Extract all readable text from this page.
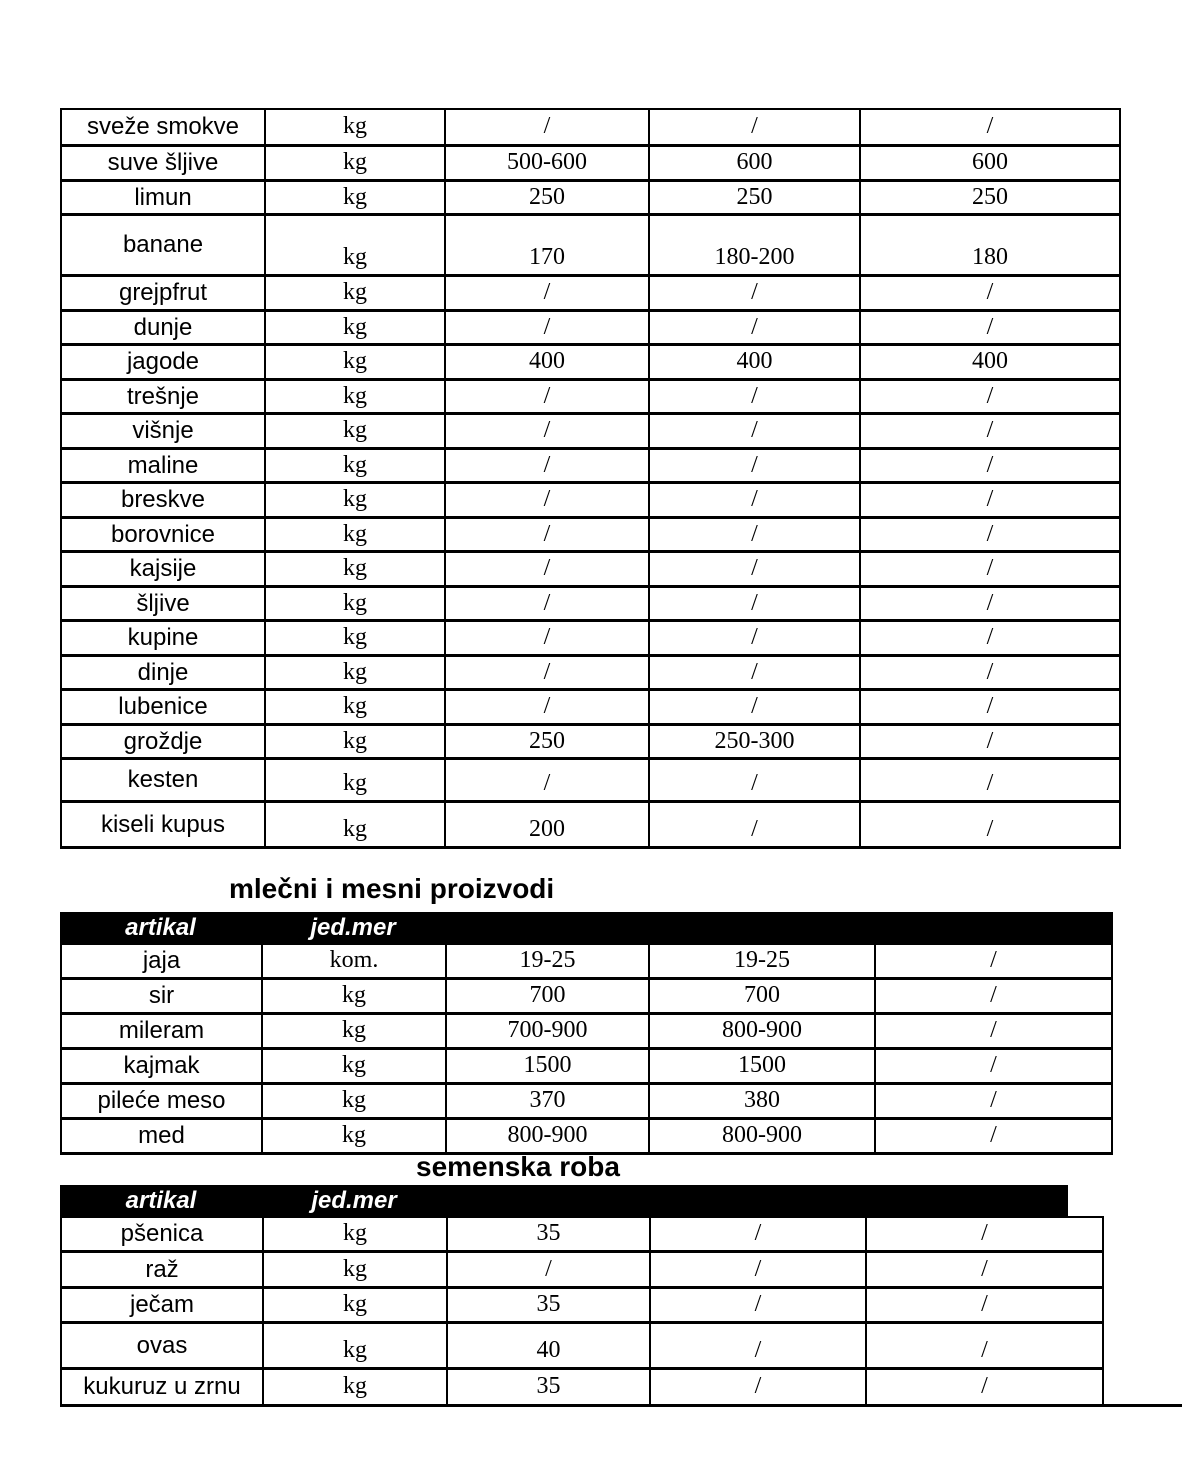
sveže smokve	kg	/	/	/
suve šljive	kg	500-600	600	600
limun	kg	250	250	250
banane	kg	170	180-200	180
grejpfrut	kg	/	/	/
dunje	kg	/	/	/
jagode	kg	400	400	400
trešnje	kg	/	/	/
višnje	kg	/	/	/
maline	kg	/	/	/
breskve	kg	/	/	/
borovnice	kg	/	/	/
kajsije	kg	/	/	/
šljive	kg	/	/	/
kupine	kg	/	/	/
dinje	kg	/	/	/
lubenice	kg	/	/	/
groždje	kg	250	250-300	/
kesten	kg	/	/	/
kiseli kupus	kg	200	/	/
mlečni i mesni proizvodi
artikal	jed.mer
jaja	kom.	19-25	19-25	/
sir	kg	700	700	/
mileram	kg	700-900	800-900	/
kajmak	kg	1500	1500	/
pileće meso	kg	370	380	/
med	kg	800-900	800-900	/
semenska roba
artikal	jed.mer
pšenica	kg	35	/	/
raž	kg	/	/	/
ječam	kg	35	/	/
ovas	kg	40	/	/
kukuruz u zrnu	kg	35	/	/
